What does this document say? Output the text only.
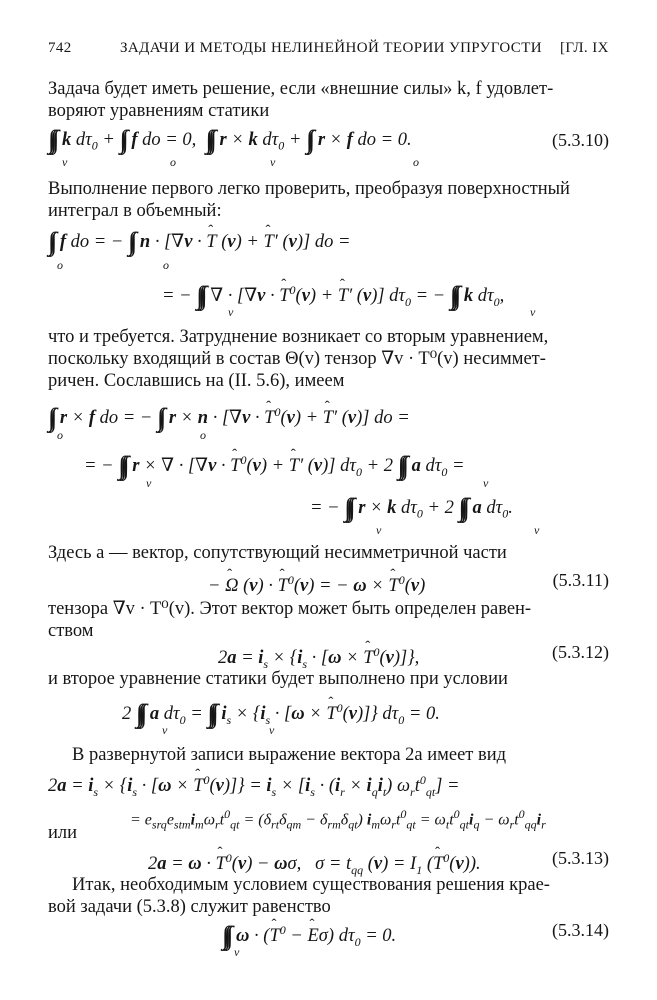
742	ЗАДАЧИ И МЕТОДЫ НЕЛИНЕЙНОЙ ТЕОРИИ УПРУГОСТИ [ГЛ. IX
Задача будет иметь решение, если «внешние силы» k, f удовлет-
воряют уравнениям статики
∫∫∫ k $d\tau_0$ + ∫∫ f do = 0,  ∫∫∫ r × k $d\tau_0$ + ∫∫ r × f do = 0.
v	o	v	o
(5.3.10)
Выполнение первого легко проверить, преобразуя поверхностный
интеграл в объемный:
∫∫ f do = − ∫∫ n · [∇v · ˆ T (v) + ˆ T′ (v)] do =
o	o
= − ∫∫∫ ∇ · [∇v · ˆ $T^0(v)$ + ˆ T′ (v)] $d\tau_0$ = − ∫∫∫ k $d\tau_0$,
v	v
что и требуется. Затруднение возникает со вторым уравнением,
поскольку входящий в состав Θ(v) тензор ∇v · T⁰(v) несиммет-
ричен. Сославшись на (II. 5.6), имеем
∫∫ r × f do = − ∫∫ r × n · [∇v · ˆ $T^0(v)$ + ˆ T′ (v)] do =
o	o
= − ∫∫∫ r × ∇ · [∇v · ˆ $T^0(v)$ + ˆ T′ (v)] $d\tau_0 + 2$ ∫∫∫ a $d\tau_0$ =
v	v
= − ∫∫∫ r × k $d\tau_0 + 2$ ∫∫∫ a $d\tau_0$.
v	v
Здесь a — вектор, сопутствующий несимметричной части
− ˆ Ω (v) · ˆ $T^0(v)$ = − ω × ˆ $T^0(v)$	(5.3.11)
тензора ∇v · T⁰(v). Этот вектор может быть определен равен-
ством
$2a = i_s \times \{i_s \cdot [\omega$ × ˆ $T^0(v)$]},	(5.3.12)
и второе уравнение статики будет выполнено при условии
2 ∫∫∫ a $d\tau_0$ = ∫∫∫ $i_s \times \{i_s \cdot [\omega$ × ˆ $T^0(v)$]} $d\tau_0 = 0$.
v	v
В развернутой записи выражение вектора 2a имеет вид
$2a = i_s \times \{i_s \cdot [\omega$ × ˆ $T^0(v)]\} = i_s \times [i_s \cdot (i_r \times i_qi_t) \omega_rt^0_{qt}]$ =
= $e_{srq}e_{stm}i_m\omega_rt^0_{qt} = (\delta_{rt}\delta_{qm} - \delta_{rm}\delta_{qt}) i_m\omega_rt^0_{qt} = \omega_tt^0_{qt}i_q - \omega_rt^0_{qq}i_r$
или
2a = ω · ˆ $T^0(v) - \omega\sigma$,   $\sigma = t_{qq}$ $(v) = I_1$ (ˆ $T^0(v)$).	(5.3.13)
Итак, необходимым условием существования решения крае-
вой задачи (5.3.8) служит равенство
∫∫∫ ω · (ˆ $T^0$ − ˆ Eσ) $d\tau_0 = 0$.
v
(5.3.14)
